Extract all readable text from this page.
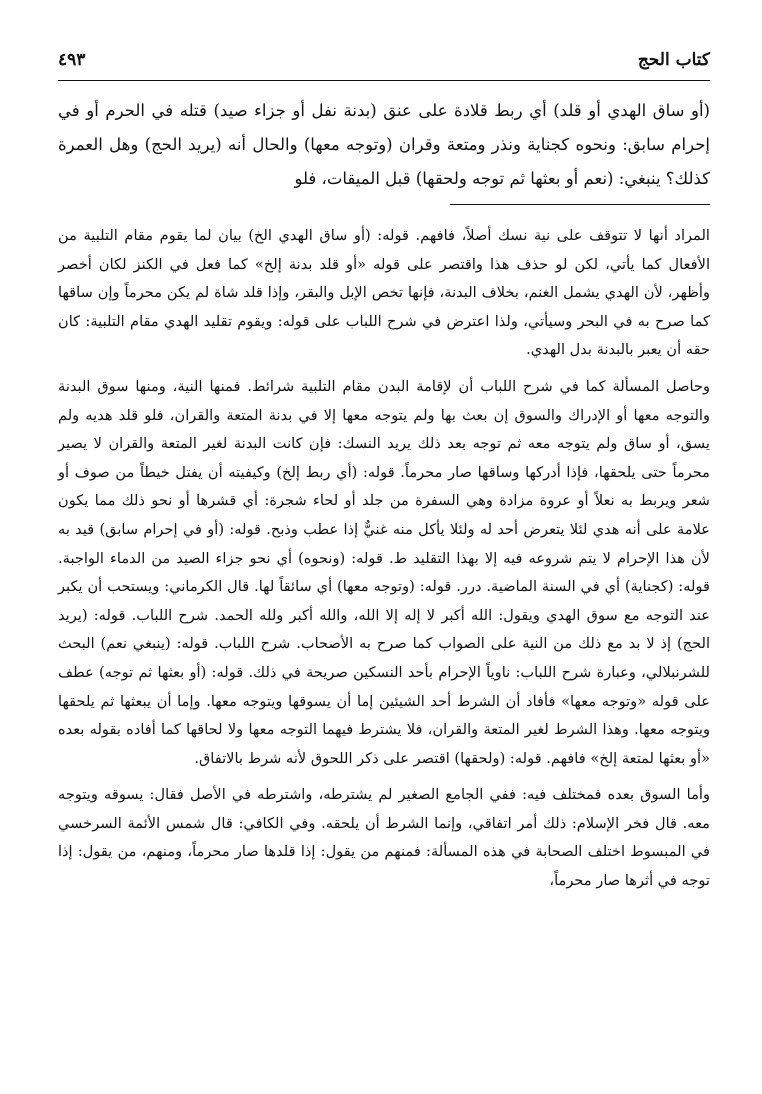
كتاب الحج
٤٩٣

(أو ساق الهدي أو قلد) أي ربط قلادة على عنق (بدنة نفل أو جزاء صيد) قتله في الحرم أو في إحرام سابق: ونحوه كجناية ونذر ومتعة وقران (وتوجه معها) والحال أنه (يريد الحج) وهل العمرة كذلك؟ ينبغي: (نعم أو بعثها ثم توجه ولحقها) قبل الميقات، فلو

المراد أنها لا تتوقف على نية نسك أصلاً، فافهم. قوله: (أو ساق الهدي الخ) بيان لما يقوم مقام التلبية من الأفعال كما يأتي، لكن لو حذف هذا واقتصر على قوله «أو قلد بدنة إلخ» كما فعل في الكنز لكان أخصر وأظهر، لأن الهدي يشمل الغنم، بخلاف البدنة، فإنها تخص الإبل والبقر، وإذا قلد شاة لم يكن محرماً وإن ساقها كما صرح به في البحر وسيأتي، ولذا اعترض في شرح اللباب على قوله: ويقوم تقليد الهدي مقام التلبية: كان حقه أن يعبر بالبدنة بدل الهدي.

وحاصل المسألة كما في شرح اللباب أن لإقامة البدن مقام التلبية شرائط. فمنها النية، ومنها سوق البدنة والتوجه معها أو الإدراك والسوق إن بعث بها ولم يتوجه معها إلا في بدنة المتعة والقران، فلو قلد هديه ولم يسق، أو ساق ولم يتوجه معه ثم توجه بعد ذلك يريد النسك: فإن كانت البدنة لغير المتعة والقران لا يصير محرماً حتى يلحقها، فإذا أدركها وساقها صار محرماً. قوله: (أي ربط إلخ) وكيفيته أن يفتل خيطاً من صوف أو شعر ويربط به نعلاً أو عروة مزادة وهي السفرة من جلد أو لحاء شجرة: أي قشرها أو نحو ذلك مما يكون علامة على أنه هدي لئلا يتعرض أحد له ولئلا يأكل منه غنيٌّ إذا عطب وذبح. قوله: (أو في إحرام سابق) قيد به لأن هذا الإحرام لا يتم شروعه فيه إلا بهذا التقليد ط. قوله: (ونحوه) أي نحو جزاء الصيد من الدماء الواجبة. قوله: (كجناية) أي في السنة الماضية. درر. قوله: (وتوجه معها) أي سائقاً لها. قال الكرماني: ويستحب أن يكبر عند التوجه مع سوق الهدي ويقول: الله أكبر لا إله إلا الله، والله أكبر ولله الحمد. شرح اللباب. قوله: (يريد الحج) إذ لا بد مع ذلك من النية على الصواب كما صرح به الأصحاب. شرح اللباب. قوله: (ينبغي نعم) البحث للشرنبلالي، وعبارة شرح اللباب: ناوياً الإحرام بأحد النسكين صريحة في ذلك. قوله: (أو بعثها ثم توجه) عطف على قوله «وتوجه معها» فأفاد أن الشرط أحد الشيئين إما أن يسوقها ويتوجه معها. وإما أن يبعثها ثم يلحقها ويتوجه معها. وهذا الشرط لغير المتعة والقران، فلا يشترط فيهما التوجه معها ولا لحاقها كما أفاده بقوله بعده «أو بعثها لمتعة إلخ» فافهم. قوله: (ولحقها) اقتصر على ذكر اللحوق لأنه شرط بالاتفاق.

وأما السوق بعده فمختلف فيه: ففي الجامع الصغير لم يشترطه، واشترطه في الأصل فقال: يسوقه ويتوجه معه. قال فخر الإسلام: ذلك أمر اتفاقي، وإنما الشرط أن يلحقه. وفي الكافي: قال شمس الأئمة السرخسي في المبسوط اختلف الصحابة في هذه المسألة: فمنهم من يقول: إذا قلدها صار محرماً، ومنهم، من يقول: إذا توجه في أثرها صار محرماً،
